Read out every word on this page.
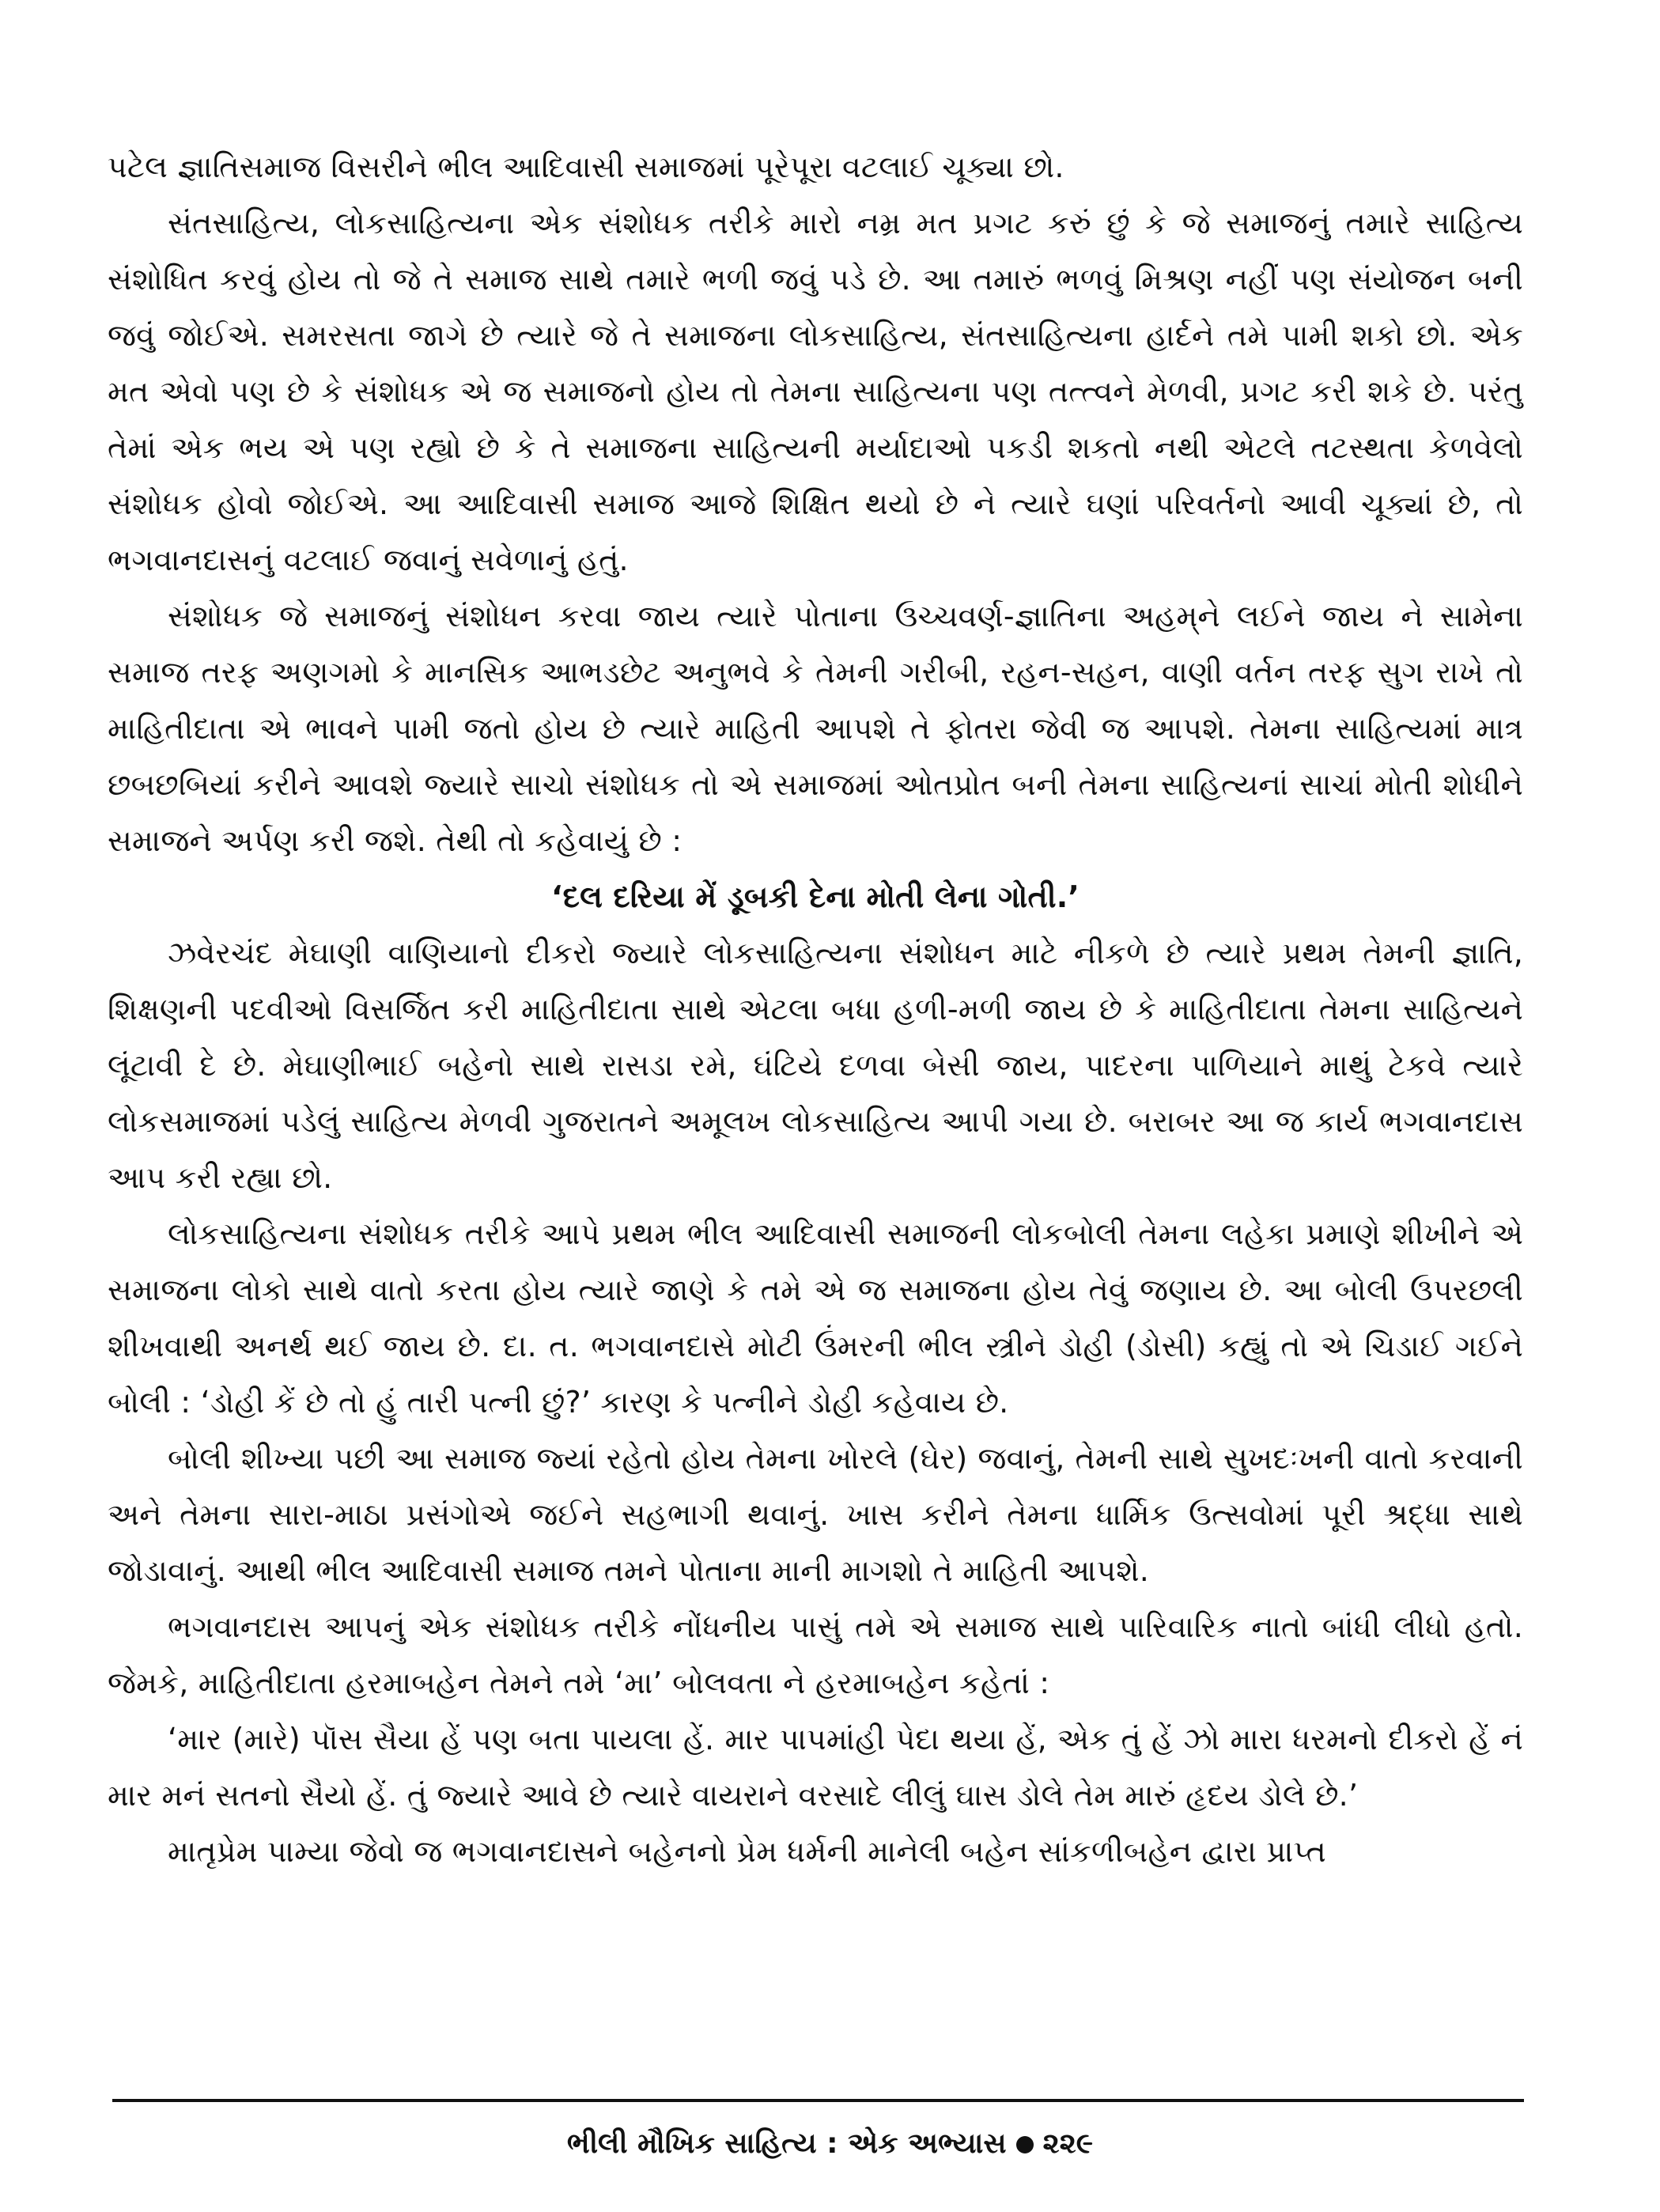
પટેલ જ્ઞાતિસમાજ વિસરીને ભીલ આદિવાસી સમાજમાં પૂરેપૂરા વટલાઈ ચૂક્યા છો.

સંતસાહિત્ય, લોકસાહિત્યના એક સંશોધક તરીકે મારો નમ્ર મત પ્રગટ કરું છું કે જે સમાજનું તમારે સાહિત્ય સંશોધિત કરવું હોય તો જે તે સમાજ સાથે તમારે ભળી જવું પડે છે. આ તમારું ભળવું મિશ્રણ નહીં પણ સંયોજન બની જવું જોઈએ. સમરસતા જાગે છે ત્યારે જે તે સમાજના લોકસાહિત્ય, સંતસાહિત્યના હાર્દને તમે પામી શકો છો. એક મત એવો પણ છે કે સંશોધક એ જ સમાજનો હોય તો તેમના સાહિત્યના પણ તત્ત્વને મેળવી, પ્રગટ કરી શકે છે. પરંતુ તેમાં એક ભય એ પણ રહ્યો છે કે તે સમાજના સાહિત્યની મર્યાદાઓ પકડી શકતો નથી એટલે તટસ્થતા કેળવેલો સંશોધક હોવો જોઈએ. આ આદિવાસી સમાજ આજે શિક્ષિત થયો છે ને ત્યારે ઘણાં પરિવર્તનો આવી ચૂક્યાં છે, તો ભગવાનદાસનું વટલાઈ જવાનું સવેળાનું હતું.

સંશોધક જે સમાજનું સંશોધન કરવા જાય ત્યારે પોતાના ઉચ્ચવર્ણ-જ્ઞાતિના અહમ્‌ને લઈને જાય ને સામેના સમાજ તરફ અણગમો કે માનસિક આભડછેટ અનુભવે કે તેમની ગરીબી, રહન-સહન, વાણી વર્તન તરફ સુગ રાખે તો માહિતીદાતા એ ભાવને પામી જતો હોય છે ત્યારે માહિતી આપશે તે ફોતરા જેવી જ આપશે. તેમના સાહિત્યમાં માત્ર છબછબિયાં કરીને આવશે જ્યારે સાચો સંશોધક તો એ સમાજમાં ઓતપ્રોત બની તેમના સાહિત્યનાં સાચાં મોતી શોધીને સમાજને અર્પણ કરી જશે. તેથી તો કહેવાયું છે :

‘દલ દરિયા મેં ડૂબકી દેના મોતી લેના ગોતી.’

ઝવેરચંદ મેઘાણી વાણિયાનો દીકરો જ્યારે લોકસાહિત્યના સંશોધન માટે નીકળે છે ત્યારે પ્રથમ તેમની જ્ઞાતિ, શિક્ષણની પદવીઓ વિસર્જિત કરી માહિતીદાતા સાથે એટલા બધા હળી-મળી જાય છે કે માહિતીદાતા તેમના સાહિત્યને લૂંટાવી દે છે. મેઘાણીભાઈ બહેનો સાથે રાસડા રમે, ઘંટિયે દળવા બેસી જાય, પાદરના પાળિયાને માથું ટેકવે ત્યારે લોકસમાજમાં પડેલું સાહિત્ય મેળવી ગુજરાતને અમૂલખ લોકસાહિત્ય આપી ગયા છે. બરાબર આ જ કાર્ય ભગવાનદાસ આપ કરી રહ્યા છો.

લોકસાહિત્યના સંશોધક તરીકે આપે પ્રથમ ભીલ આદિવાસી સમાજની લોકબોલી તેમના લહેકા પ્રમાણે શીખીને એ સમાજના લોકો સાથે વાતો કરતા હોય ત્યારે જાણે કે તમે એ જ સમાજના હોય તેવું જણાય છે. આ બોલી ઉપરછલી શીખવાથી અનર્થ થઈ જાય છે. દા. ત. ભગવાનદાસે મોટી ઉંમરની ભીલ સ્ત્રીને ડોહી (ડોસી) કહ્યું તો એ ચિડાઈ ગઈને બોલી : ‘ડોહી કેં છે તો હું તારી પત્ની છું?’ કારણ કે પત્નીને ડોહી કહેવાય છે.

બોલી શીખ્યા પછી આ સમાજ જ્યાં રહેતો હોય તેમના ખોરલે (ઘેર) જવાનું, તેમની સાથે સુખદઃખની વાતો કરવાની અને તેમના સારા-માઠા પ્રસંગોએ જઈને સહભાગી થવાનું. ખાસ કરીને તેમના ધાર્મિક ઉત્સવોમાં પૂરી શ્રદ્ધા સાથે જોડાવાનું. આથી ભીલ આદિવાસી સમાજ તમને પોતાના માની માગશો તે માહિતી આપશે.

ભગવાનદાસ આપનું એક સંશોધક તરીકે નોંધનીય પાસું તમે એ સમાજ સાથે પારિવારિક નાતો બાંધી લીધો હતો. જેમકે, માહિતીદાતા હરમાબહેન તેમને તમે ‘મા’ બોલવતા ને હરમાબહેન કહેતાં :

‘માર (મારે) પૉસ સૈયા હેં પણ બતા પાયલા હેં. માર પાપમાંહી પેદા થયા હેં, એક તું હેં ઝો મારા ધરમનો દીકરો હેં નં માર મનં સતનો સૈયો હેં. તું જ્યારે આવે છે ત્યારે વાયરાને વરસાદે લીલું ઘાસ ડોલે તેમ મારું હૃદય ડોલે છે.’

માતૃપ્રેમ પામ્યા જેવો જ ભગવાનદાસને બહેનનો પ્રેમ ધર્મની માનેલી બહેન સાંકળીબહેન દ્વારા પ્રાપ્ત

ભીલી મૌખિક સાહિત્ય : એક અભ્યાસ ૨૨૯
